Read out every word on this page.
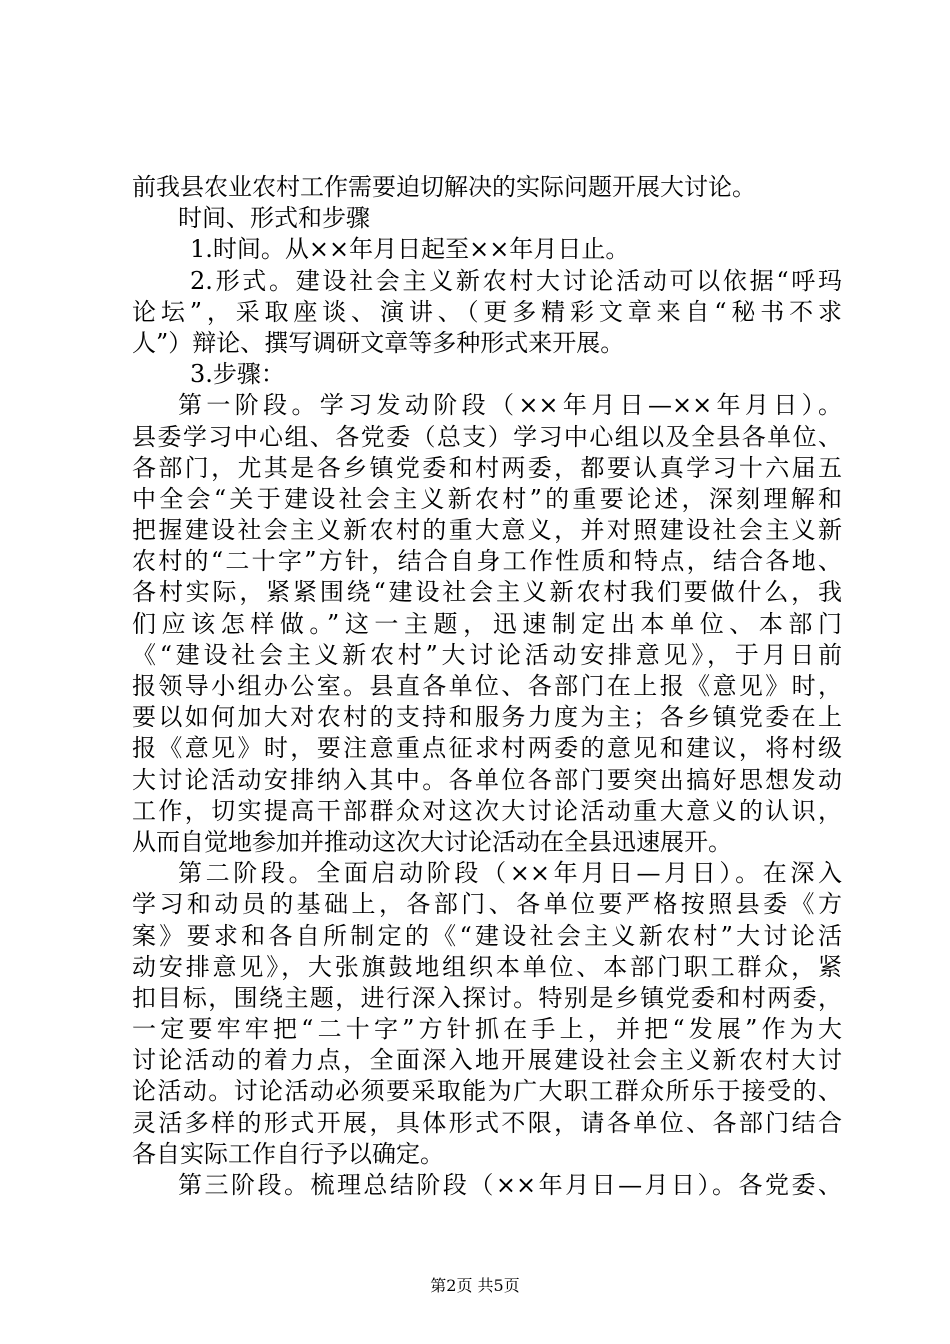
前我县农业农村工作需要迫切解决的实际问题开展大讨论。
时间、形式和步骤
1.时间。从××年月日起至××年月日止。
2.形式。建设社会主义新农村大讨论活动可以依据“呼玛
论坛”，采取座谈、演讲、（更多精彩文章来自“秘书不求
人”）辩论、撰写调研文章等多种形式来开展。
3.步骤：
第一阶段。学习发动阶段（××年月日—××年月日）。
县委学习中心组、各党委（总支）学习中心组以及全县各单位、
各部门，尤其是各乡镇党委和村两委，都要认真学习十六届五
中全会“关于建设社会主义新农村”的重要论述，深刻理解和
把握建设社会主义新农村的重大意义，并对照建设社会主义新
农村的“二十字”方针，结合自身工作性质和特点，结合各地、
各村实际，紧紧围绕“建设社会主义新农村我们要做什么，我
们应该怎样做。”这一主题，迅速制定出本单位、本部门
《“建设社会主义新农村”大讨论活动安排意见》，于月日前
报领导小组办公室。县直各单位、各部门在上报《意见》时，
要以如何加大对农村的支持和服务力度为主；各乡镇党委在上
报《意见》时，要注意重点征求村两委的意见和建议，将村级
大讨论活动安排纳入其中。各单位各部门要突出搞好思想发动
工作，切实提高干部群众对这次大讨论活动重大意义的认识，
从而自觉地参加并推动这次大讨论活动在全县迅速展开。
第二阶段。全面启动阶段（××年月日—月日）。在深入
学习和动员的基础上，各部门、各单位要严格按照县委《方
案》要求和各自所制定的《“建设社会主义新农村”大讨论活
动安排意见》，大张旗鼓地组织本单位、本部门职工群众，紧
扣目标，围绕主题，进行深入探讨。特别是乡镇党委和村两委，
一定要牢牢把“二十字”方针抓在手上，并把“发展”作为大
讨论活动的着力点，全面深入地开展建设社会主义新农村大讨
论活动。讨论活动必须要采取能为广大职工群众所乐于接受的、
灵活多样的形式开展，具体形式不限，请各单位、各部门结合
各自实际工作自行予以确定。
第三阶段。梳理总结阶段（××年月日—月日）。各党委、
第2页 共5页
